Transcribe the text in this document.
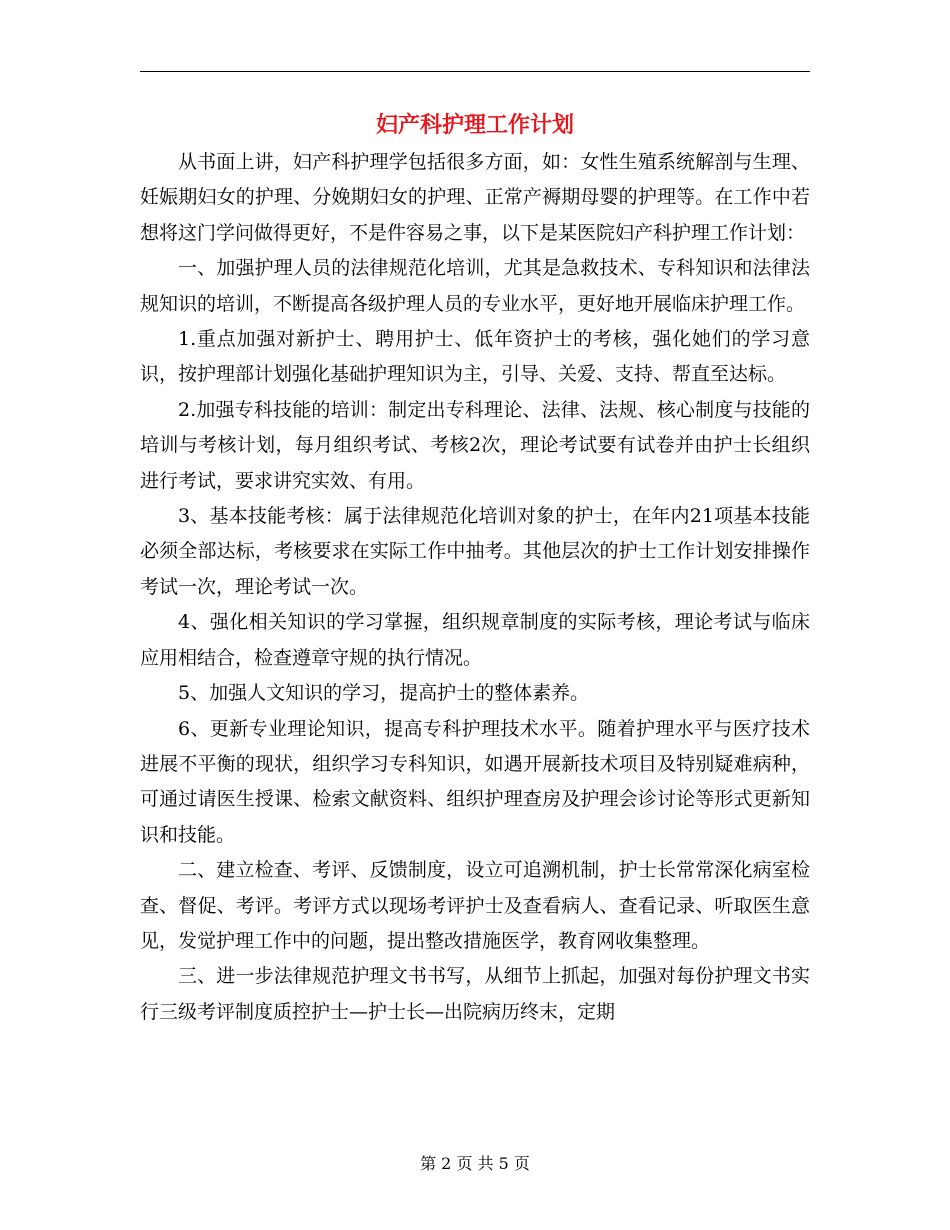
妇产科护理工作计划

从书面上讲，妇产科护理学包括很多方面，如：女性生殖系统解剖与生理、妊娠期妇女的护理、分娩期妇女的护理、正常产褥期母婴的护理等。在工作中若想将这门学问做得更好，不是件容易之事，以下是某医院妇产科护理工作计划：

一、加强护理人员的法律规范化培训，尤其是急救技术、专科知识和法律法规知识的培训，不断提高各级护理人员的专业水平，更好地开展临床护理工作。

1.重点加强对新护士、聘用护士、低年资护士的考核，强化她们的学习意识，按护理部计划强化基础护理知识为主，引导、关爱、支持、帮直至达标。

2.加强专科技能的培训：制定出专科理论、法律、法规、核心制度与技能的培训与考核计划，每月组织考试、考核2次，理论考试要有试卷并由护士长组织进行考试，要求讲究实效、有用。

3、基本技能考核：属于法律规范化培训对象的护士，在年内21项基本技能必须全部达标，考核要求在实际工作中抽考。其他层次的护士工作计划安排操作考试一次，理论考试一次。

4、强化相关知识的学习掌握，组织规章制度的实际考核，理论考试与临床应用相结合，检查遵章守规的执行情况。

5、加强人文知识的学习，提高护士的整体素养。

6、更新专业理论知识，提高专科护理技术水平。随着护理水平与医疗技术进展不平衡的现状，组织学习专科知识，如遇开展新技术项目及特别疑难病种，可通过请医生授课、检索文献资料、组织护理查房及护理会诊讨论等形式更新知识和技能。

二、建立检查、考评、反馈制度，设立可追溯机制，护士长常常深化病室检查、督促、考评。考评方式以现场考评护士及查看病人、查看记录、听取医生意见，发觉护理工作中的问题，提出整改措施医学，教育网收集整理。

三、进一步法律规范护理文书书写，从细节上抓起，加强对每份护理文书实行三级考评制度质控护士—护士长—出院病历终末，定期

第 2 页 共 5 页
